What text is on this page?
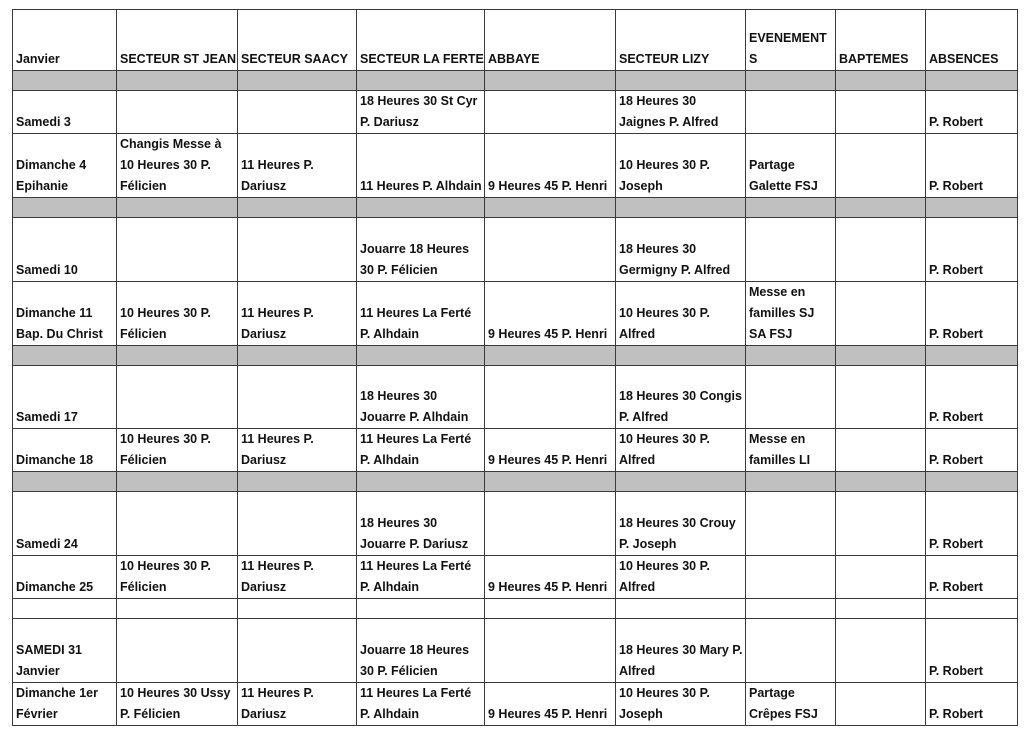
Janvier	SECTEUR ST JEAN	SECTEUR SAACY	SECTEUR LA FERTE	ABBAYE	SECTEUR LIZY	EVENEMENTS	BAPTEMES	ABSENCES

Samedi 3			18 Heures 30 St Cyr P. Dariusz		18 Heures 30 Jaignes P. Alfred			P. Robert
Dimanche 4 Epihanie	Changis Messe à 10 Heures 30 P. Félicien	11 Heures P. Dariusz	11 Heures P. Alhdain	9 Heures 45 P. Henri	10 Heures 30 P. Joseph	Partage Galette FSJ		P. Robert

Samedi 10			Jouarre 18 Heures 30 P. Félicien		18 Heures 30 Germigny P. Alfred			P. Robert
Dimanche 11 Bap. Du Christ	10 Heures 30 P. Félicien	11 Heures P. Dariusz	11 Heures La Ferté P. Alhdain	9 Heures 45 P. Henri	10 Heures 30 P. Alfred	Messe en familles SJ SA FSJ		P. Robert

Samedi 17			18 Heures 30 Jouarre P. Alhdain		18 Heures 30 Congis P. Alfred			P. Robert
Dimanche 18	10 Heures 30 P. Félicien	11 Heures P. Dariusz	11 Heures La Ferté P. Alhdain	9 Heures 45 P. Henri	10 Heures 30 P. Alfred	Messe en familles LI		P. Robert

Samedi 24			18 Heures 30 Jouarre P. Dariusz		18 Heures 30 Crouy P. Joseph			P. Robert
Dimanche 25	10 Heures 30 P. Félicien	11 Heures P. Dariusz	11 Heures La Ferté P. Alhdain	9 Heures 45 P. Henri	10 Heures 30 P. Alfred			P. Robert

SAMEDI 31 Janvier			Jouarre 18 Heures 30 P. Félicien		18 Heures 30 Mary P. Alfred			P. Robert
Dimanche 1er Février	10 Heures 30 Ussy P. Félicien	11 Heures P. Dariusz	11 Heures La Ferté P. Alhdain	9 Heures 45 P. Henri	10 Heures 30 P. Joseph	Partage Crêpes FSJ		P. Robert
